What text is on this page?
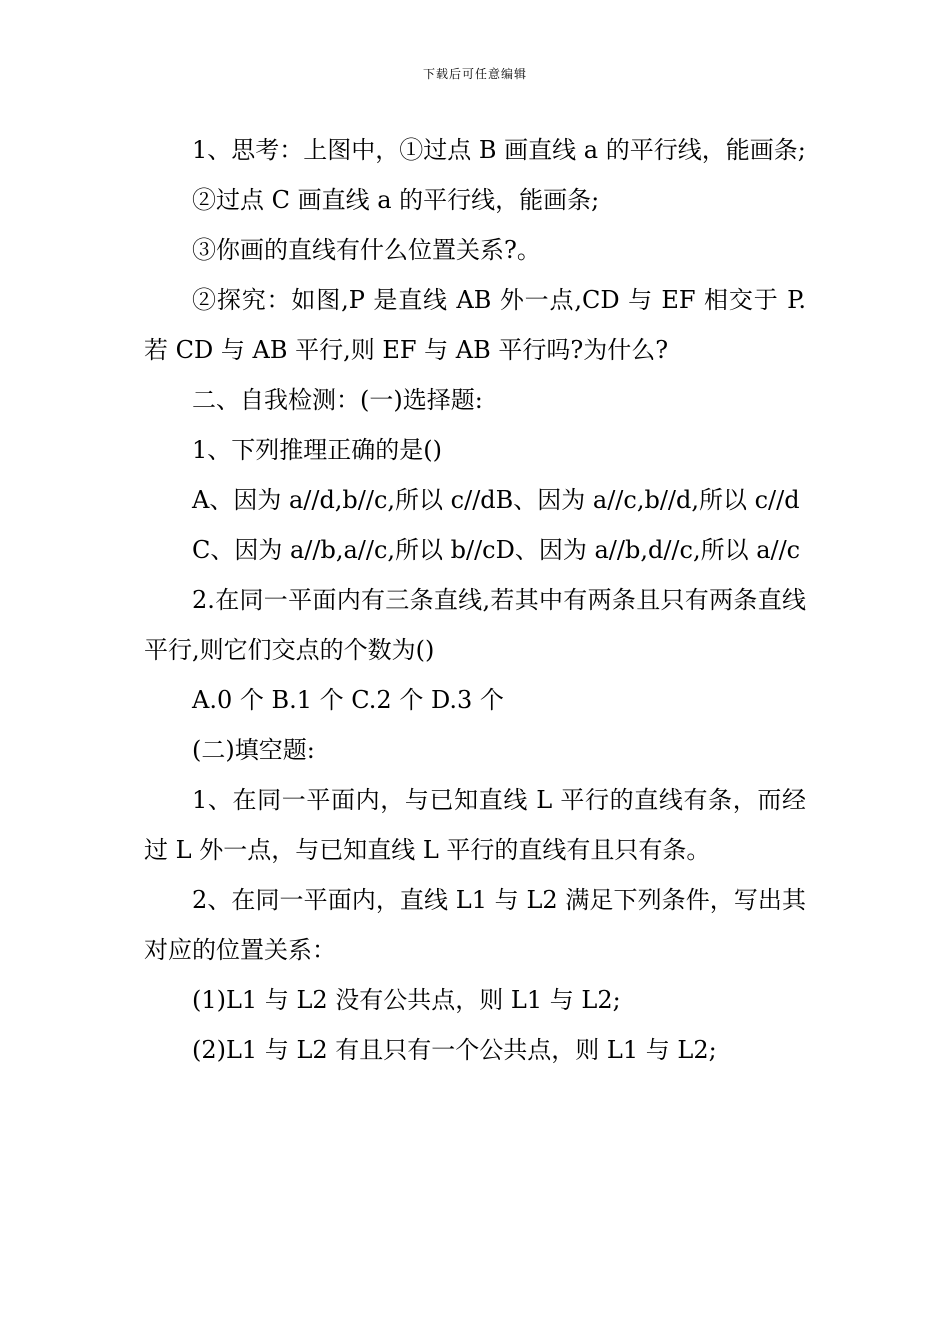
下载后可任意编辑

1、思考：上图中，①过点 B 画直线 a 的平行线，能画条;

②过点 C 画直线 a 的平行线，能画条;

③你画的直线有什么位置关系?。

②探究：如图,P 是直线 AB 外一点,CD 与 EF 相交于 P.若 CD 与 AB 平行,则 EF 与 AB 平行吗?为什么?

二、自我检测：(一)选择题:

1、下列推理正确的是()

A、因为 a//d,b//c,所以 c//dB、因为 a//c,b//d,所以 c//d

C、因为 a//b,a//c,所以 b//cD、因为 a//b,d//c,所以 a//c

2.在同一平面内有三条直线,若其中有两条且只有两条直线平行,则它们交点的个数为()

A.0 个 B.1 个 C.2 个 D.3 个

(二)填空题:

1、在同一平面内，与已知直线 L 平行的直线有条，而经过 L 外一点，与已知直线 L 平行的直线有且只有条。

2、在同一平面内，直线 L1 与 L2 满足下列条件，写出其对应的位置关系：

(1)L1 与 L2 没有公共点，则 L1 与 L2;

(2)L1 与 L2 有且只有一个公共点，则 L1 与 L2;
